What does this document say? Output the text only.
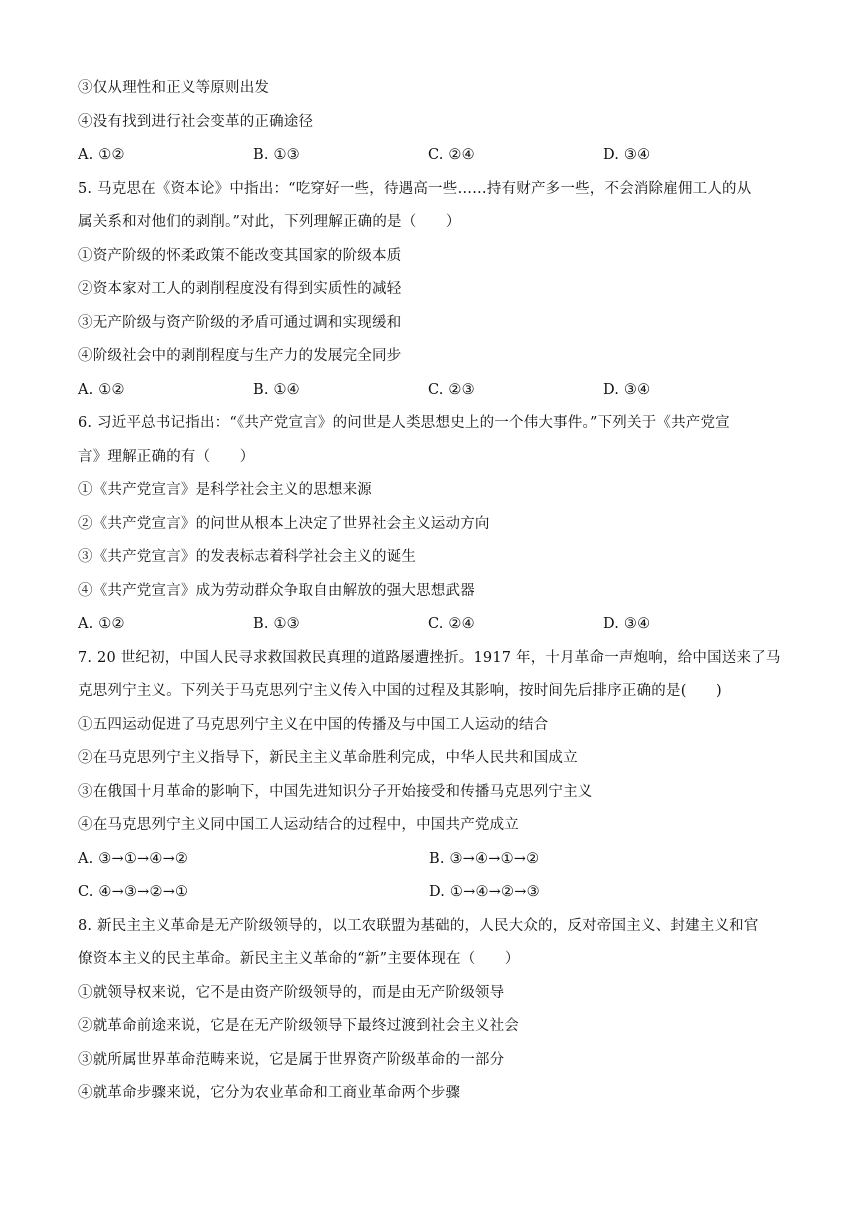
③仅从理性和正义等原则出发
④没有找到进行社会变革的正确途径
A. ①②	B. ①③	C. ②④	D. ③④
5. 马克思在《资本论》中指出：“吃穿好一些，待遇高一些……持有财产多一些，不会消除雇佣工人的从
属关系和对他们的剥削。”对此，下列理解正确的是（　　）
①资产阶级的怀柔政策不能改变其国家的阶级本质
②资本家对工人的剥削程度没有得到实质性的减轻
③无产阶级与资产阶级的矛盾可通过调和实现缓和
④阶级社会中的剥削程度与生产力的发展完全同步
A. ①②	B. ①④	C. ②③	D. ③④
6. 习近平总书记指出：“《共产党宣言》的问世是人类思想史上的一个伟大事件。”下列关于《共产党宣
言》理解正确的有（　　）
①《共产党宣言》是科学社会主义的思想来源
②《共产党宣言》的问世从根本上决定了世界社会主义运动方向
③《共产党宣言》的发表标志着科学社会主义的诞生
④《共产党宣言》成为劳动群众争取自由解放的强大思想武器
A. ①②	B. ①③	C. ②④	D. ③④
7. 20 世纪初，中国人民寻求救国救民真理的道路屡遭挫折。1917 年，十月革命一声炮响，给中国送来了马
克思列宁主义。下列关于马克思列宁主义传入中国的过程及其影响，按时间先后排序正确的是(　　)
①五四运动促进了马克思列宁主义在中国的传播及与中国工人运动的结合
②在马克思列宁主义指导下，新民主主义革命胜利完成，中华人民共和国成立
③在俄国十月革命的影响下，中国先进知识分子开始接受和传播马克思列宁主义
④在马克思列宁主义同中国工人运动结合的过程中，中国共产党成立
A. ③→①→④→②	B. ③→④→①→②
C. ④→③→②→①	D. ①→④→②→③
8. 新民主主义革命是无产阶级领导的，以工农联盟为基础的，人民大众的，反对帝国主义、封建主义和官
僚资本主义的民主革命。新民主主义革命的“新”主要体现在（　　）
①就领导权来说，它不是由资产阶级领导的，而是由无产阶级领导
②就革命前途来说，它是在无产阶级领导下最终过渡到社会主义社会
③就所属世界革命范畴来说，它是属于世界资产阶级革命的一部分
④就革命步骤来说，它分为农业革命和工商业革命两个步骤
